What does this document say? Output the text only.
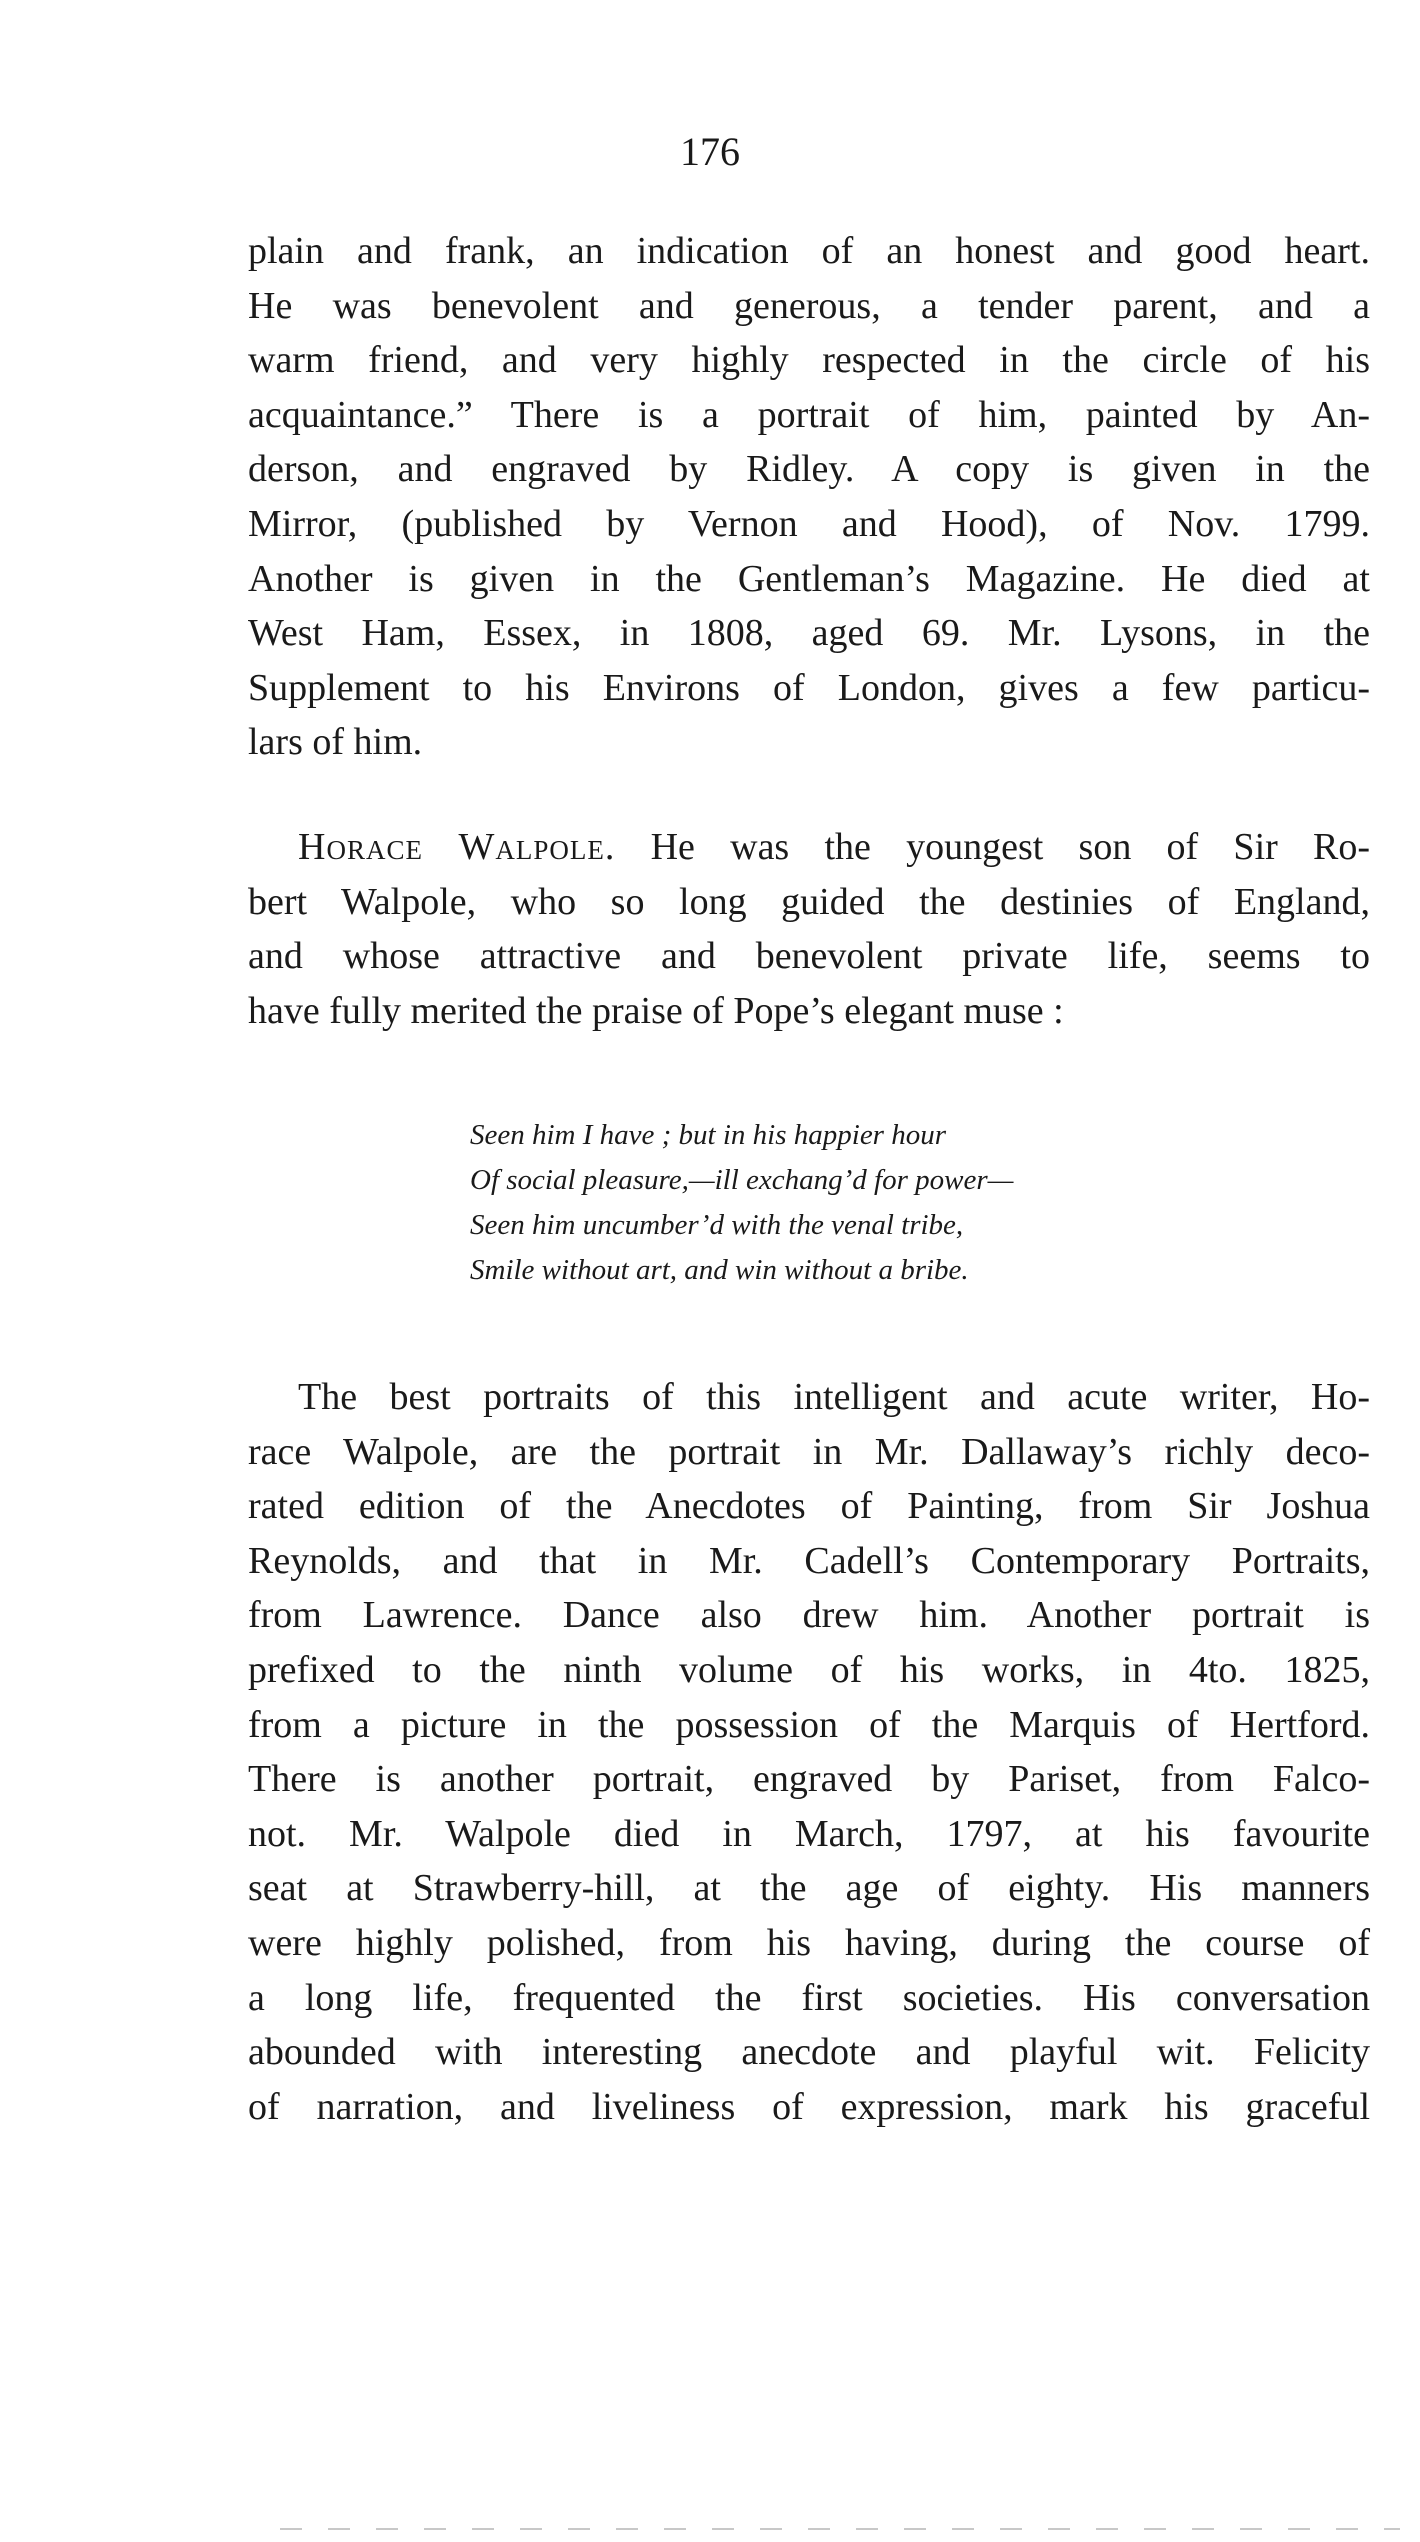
176
plain and frank, an indication of an honest and good heart.
He was benevolent and generous, a tender parent, and a
warm friend, and very highly respected in the circle of his
acquaintance.” There is a portrait of him, painted by An-
derson, and engraved by Ridley. A copy is given in the
Mirror, (published by Vernon and Hood), of Nov. 1799.
Another is given in the Gentleman’s Magazine. He died at
West Ham, Essex, in 1808, aged 69. Mr. Lysons, in the
Supplement to his Environs of London, gives a few particu-
lars of him.
Horace Walpole. He was the youngest son of Sir Ro-
bert Walpole, who so long guided the destinies of England,
and whose attractive and benevolent private life, seems to
have fully merited the praise of Pope’s elegant muse :
Seen him I have ; but in his happier hour
Of social pleasure,—ill exchang’d for power—
Seen him uncumber’d with the venal tribe,
Smile without art, and win without a bribe.
The best portraits of this intelligent and acute writer, Ho-
race Walpole, are the portrait in Mr. Dallaway’s richly deco-
rated edition of the Anecdotes of Painting, from Sir Joshua
Reynolds, and that in Mr. Cadell’s Contemporary Portraits,
from Lawrence. Dance also drew him. Another portrait is
prefixed to the ninth volume of his works, in 4to. 1825,
from a picture in the possession of the Marquis of Hertford.
There is another portrait, engraved by Pariset, from Falco-
not. Mr. Walpole died in March, 1797, at his favourite
seat at Strawberry-hill, at the age of eighty. His manners
were highly polished, from his having, during the course of
a long life, frequented the first societies. His conversation
abounded with interesting anecdote and playful wit. Felicity
of narration, and liveliness of expression, mark his graceful
